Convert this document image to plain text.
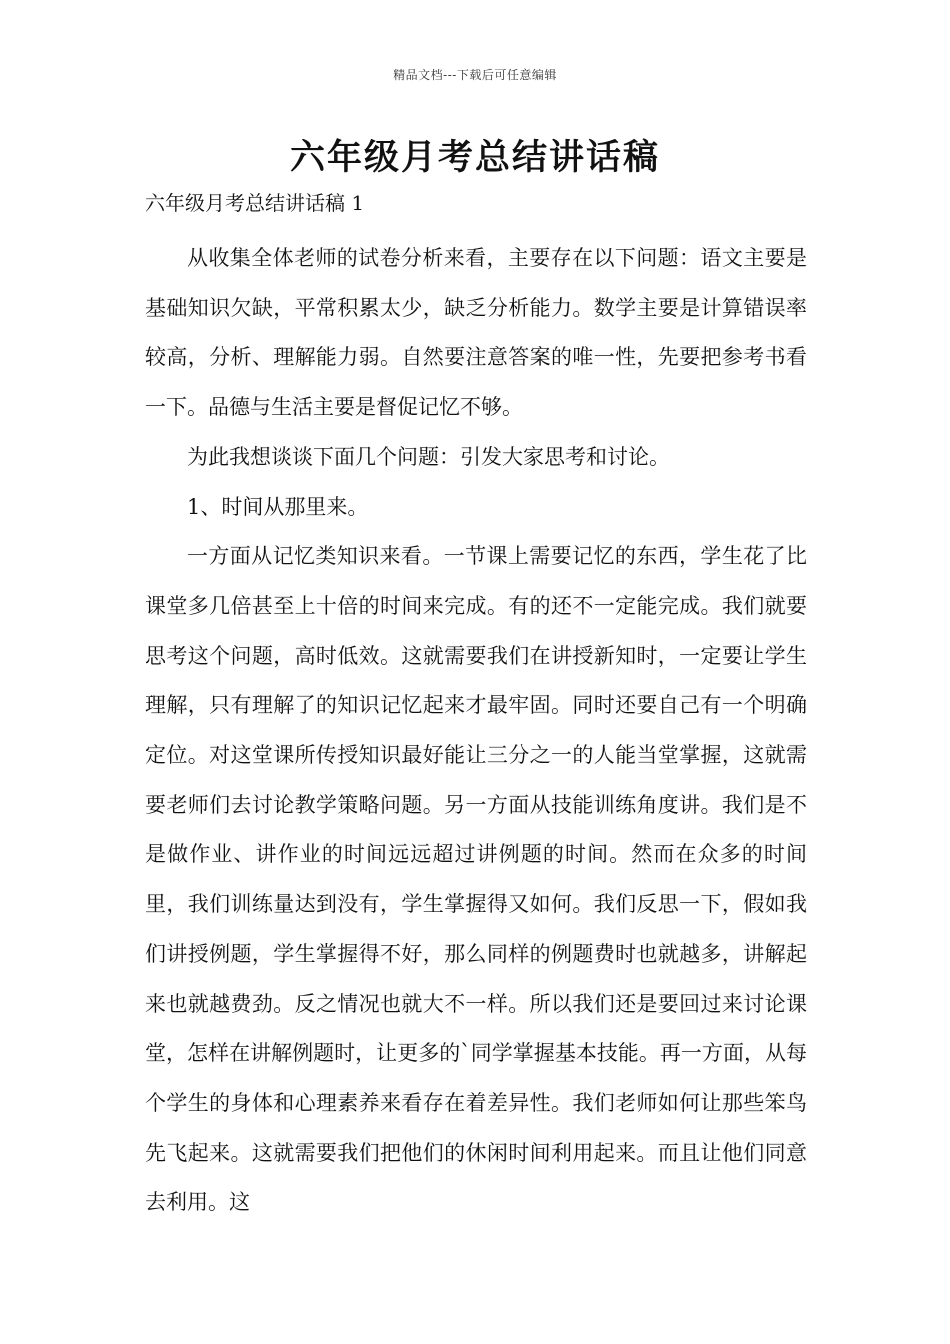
精品文档---下载后可任意编辑
六年级月考总结讲话稿
六年级月考总结讲话稿 1

从收集全体老师的试卷分析来看，主要存在以下问题：语文主要是基础知识欠缺，平常积累太少，缺乏分析能力。数学主要是计算错误率较高，分析、理解能力弱。自然要注意答案的唯一性，先要把参考书看一下。品德与生活主要是督促记忆不够。

为此我想谈谈下面几个问题：引发大家思考和讨论。

1、时间从那里来。

一方面从记忆类知识来看。一节课上需要记忆的东西，学生花了比课堂多几倍甚至上十倍的时间来完成。有的还不一定能完成。我们就要思考这个问题，高时低效。这就需要我们在讲授新知时，一定要让学生理解，只有理解了的知识记忆起来才最牢固。同时还要自己有一个明确定位。对这堂课所传授知识最好能让三分之一的人能当堂掌握，这就需要老师们去讨论教学策略问题。另一方面从技能训练角度讲。我们是不是做作业、讲作业的时间远远超过讲例题的时间。然而在众多的时间里，我们训练量达到没有，学生掌握得又如何。我们反思一下，假如我们讲授例题，学生掌握得不好，那么同样的例题费时也就越多，讲解起来也就越费劲。反之情况也就大不一样。所以我们还是要回过来讨论课堂，怎样在讲解例题时，让更多的`同学掌握基本技能。再一方面，从每个学生的身体和心理素养来看存在着差异性。我们老师如何让那些笨鸟先飞起来。这就需要我们把他们的休闲时间利用起来。而且让他们同意去利用。这
